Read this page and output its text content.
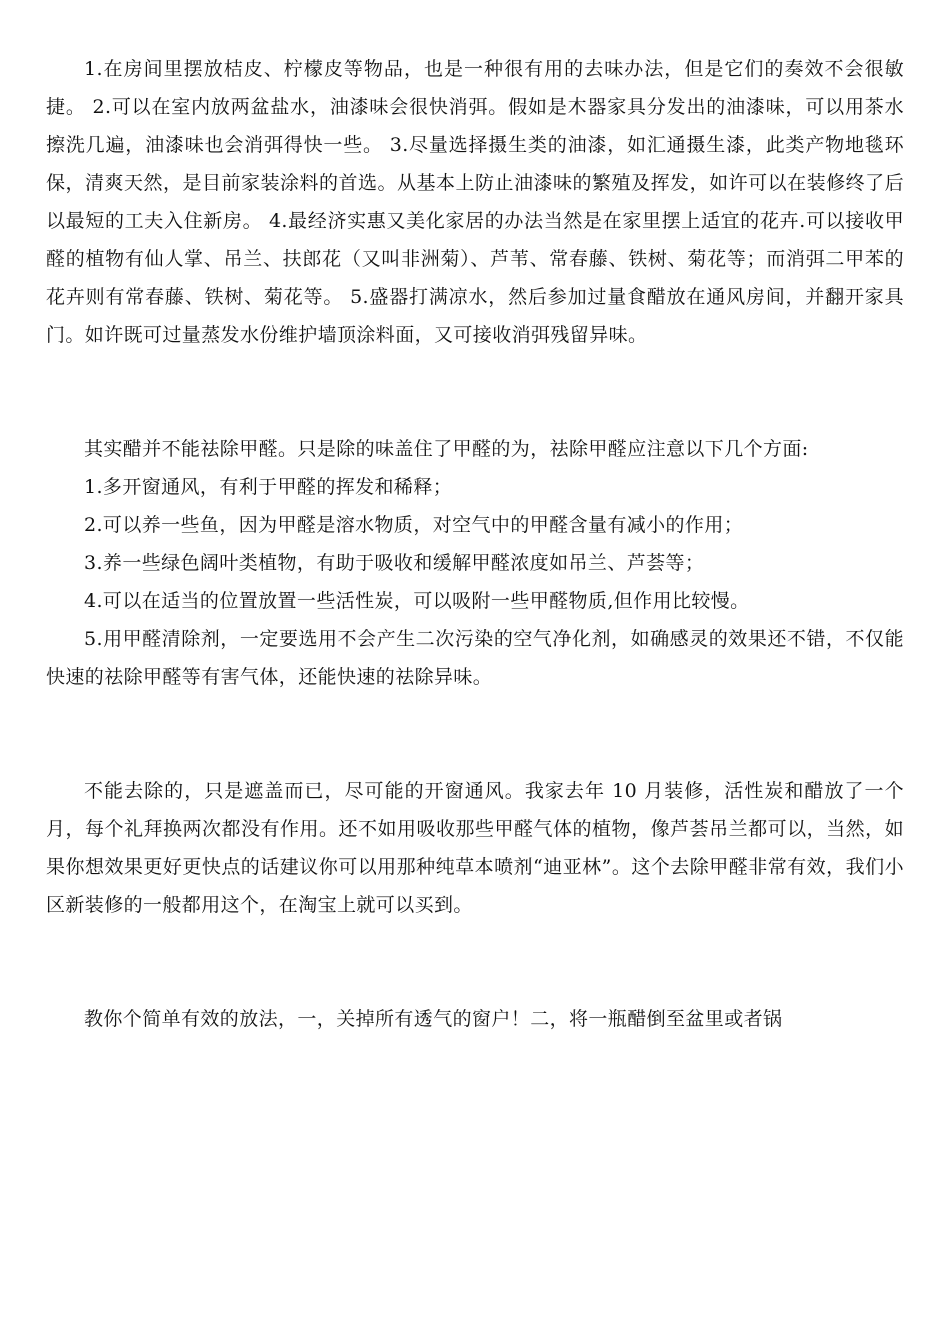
1.在房间里摆放桔皮、柠檬皮等物品，也是一种很有用的去味办法，但是它们的奏效不会很敏捷。 2.可以在室内放两盆盐水，油漆味会很快消弭。假如是木器家具分发出的油漆味，可以用茶水擦洗几遍，油漆味也会消弭得快一些。 3.尽量选择摄生类的油漆，如汇通摄生漆，此类产物地毯环保，清爽天然，是目前家装涂料的首选。从基本上防止油漆味的繁殖及挥发，如许可以在装修终了后以最短的工夫入住新房。 4.最经济实惠又美化家居的办法当然是在家里摆上适宜的花卉.可以接收甲醛的植物有仙人掌、吊兰、扶郎花（又叫非洲菊）、芦苇、常春藤、铁树、菊花等；而消弭二甲苯的花卉则有常春藤、铁树、菊花等。 5.盛器打满凉水，然后参加过量食醋放在通风房间，并翻开家具门。如许既可过量蒸发水份维护墙顶涂料面，又可接收消弭残留异味。

其实醋并不能祛除甲醛。只是除的味盖住了甲醛的为，祛除甲醛应注意以下几个方面:

1.多开窗通风，有利于甲醛的挥发和稀释；

2.可以养一些鱼，因为甲醛是溶水物质，对空气中的甲醛含量有减小的作用；

3.养一些绿色阔叶类植物，有助于吸收和缓解甲醛浓度如吊兰、芦荟等；

4.可以在适当的位置放置一些活性炭，可以吸附一些甲醛物质,但作用比较慢。

5.用甲醛清除剂，一定要选用不会产生二次污染的空气净化剂，如确感灵的效果还不错，不仅能快速的祛除甲醛等有害气体，还能快速的祛除异味。

不能去除的，只是遮盖而已，尽可能的开窗通风。我家去年 10 月装修，活性炭和醋放了一个月，每个礼拜换两次都没有作用。还不如用吸收那些甲醛气体的植物，像芦荟吊兰都可以，当然，如果你想效果更好更快点的话建议你可以用那种纯草本喷剂“迪亚林”。这个去除甲醛非常有效，我们小区新装修的一般都用这个，在淘宝上就可以买到。

教你个简单有效的放法，一，关掉所有透气的窗户！二，将一瓶醋倒至盆里或者锅
